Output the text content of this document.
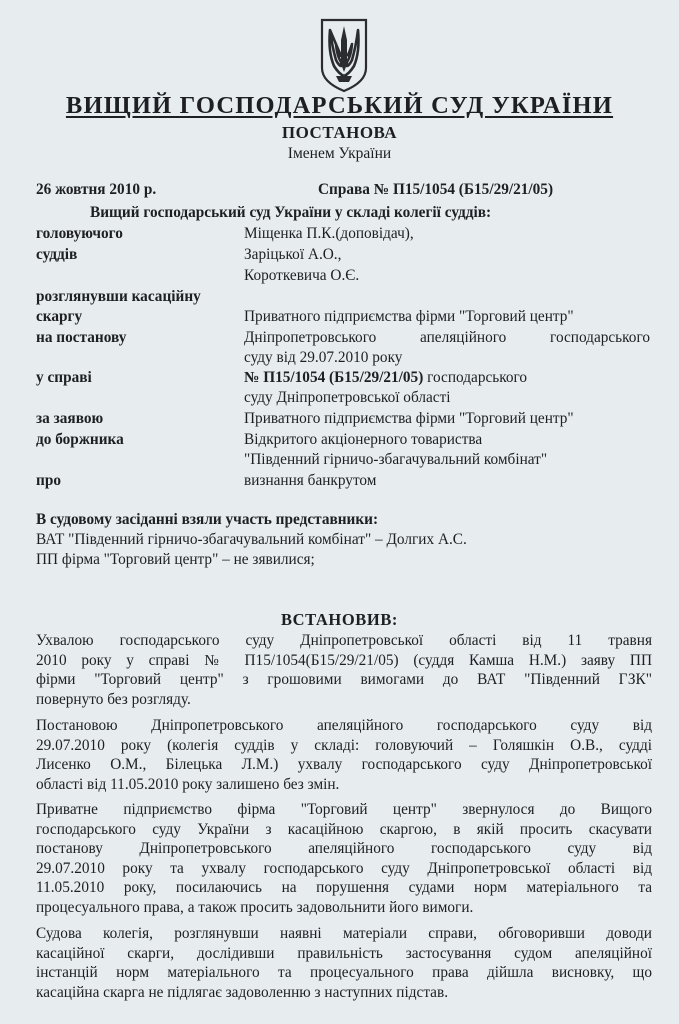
ВИЩИЙ ГОСПОДАРСЬКИЙ СУД УКРАЇНИ
ПОСТАНОВА
Іменем України
26 жовтня 2010 р.	Справа № П15/1054 (Б15/29/21/05)
Вищий господарський суд України у складі колегії суддів:
головуючого	Міщенка П.К.(доповідач),
суддів	Зарiцької А.О.,
Короткевича О.Є.
розглянувши касаційну
скаргу	Приватного підприємства фірми "Торговий центр"
на постанову	Дніпропетровського апеляційного господарського
суду від 29.07.2010 року
у справі	№ П15/1054 (Б15/29/21/05) господарського
суду Дніпропетровської області
за заявою	Приватного підприємства фірми "Торговий центр"
до боржника	Відкритого акціонерного товариства
"Південний гірничо-збагачувальний комбінат"
про	визнання банкрутом
В судовому засіданні взяли участь представники:
ВАТ "Південний гірничо-збагачувальний комбінат" – Долгих А.С.
ПП фірма "Торговий центр" – не зявилися;
ВСТАНОВИВ:
Ухвалою господарського суду Дніпропетровської області від 11 травня
2010 року у справі № П15/1054(Б15/29/21/05) (суддя Камша Н.М.) заяву ПП
фірми "Торговий центр" з грошовими вимогами до ВАТ "Південний ГЗК"
повернуто без розгляду.
Постановою Дніпропетровського апеляційного господарського суду від
29.07.2010 року (колегія суддів у складі: головуючий – Голяшкін О.В., судді
Лисенко О.М., Білецька Л.М.) ухвалу господарського суду Дніпропетровської
області від 11.05.2010 року залишено без змін.
Приватне підприємство фірма "Торговий центр" звернулося до Вищого
господарського суду України з касаційною скаргою, в якій просить скасувати
постанову Дніпропетровського апеляційного господарського суду від
29.07.2010 року та ухвалу господарського суду Дніпропетровської області від
11.05.2010 року, посилаючись на порушення судами норм матеріального та
процесуального права, а також просить задовольнити його вимоги.
Судова колегія, розглянувши наявні матеріали справи, обговоривши доводи
касаційної скарги, дослідивши правильність застосування судом апеляційної
інстанцій норм матеріального та процесуального права дійшла висновку, що
касаційна скарга не підлягає задоволенню з наступних підстав.
